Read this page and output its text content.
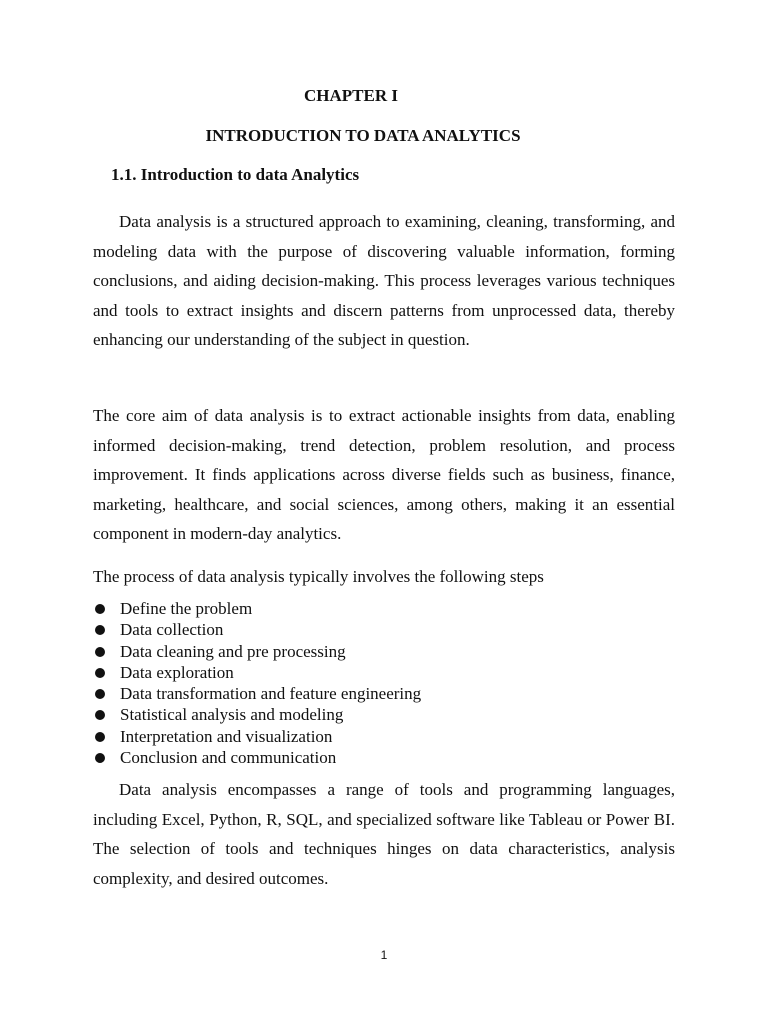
CHAPTER I
INTRODUCTION TO DATA ANALYTICS
1.1. Introduction to data Analytics

Data analysis is a structured approach to examining, cleaning, transforming, and modeling data with the purpose of discovering valuable information, forming conclusions, and aiding decision-making. This process leverages various techniques and tools to extract insights and discern patterns from unprocessed data, thereby enhancing our understanding of the subject in question.

The core aim of data analysis is to extract actionable insights from data, enabling informed decision-making, trend detection, problem resolution, and process improvement. It finds applications across diverse fields such as business, finance, marketing, healthcare, and social sciences, among others, making it an essential component in modern-day analytics.

The process of data analysis typically involves the following steps

Define the problem
Data collection
Data cleaning and pre processing
Data exploration
Data transformation and feature engineering
Statistical analysis and modeling
Interpretation and visualization
Conclusion and communication

Data analysis encompasses a range of tools and programming languages, including Excel, Python, R, SQL, and specialized software like Tableau or Power BI. The selection of tools and techniques hinges on data characteristics, analysis complexity, and desired outcomes.

1
